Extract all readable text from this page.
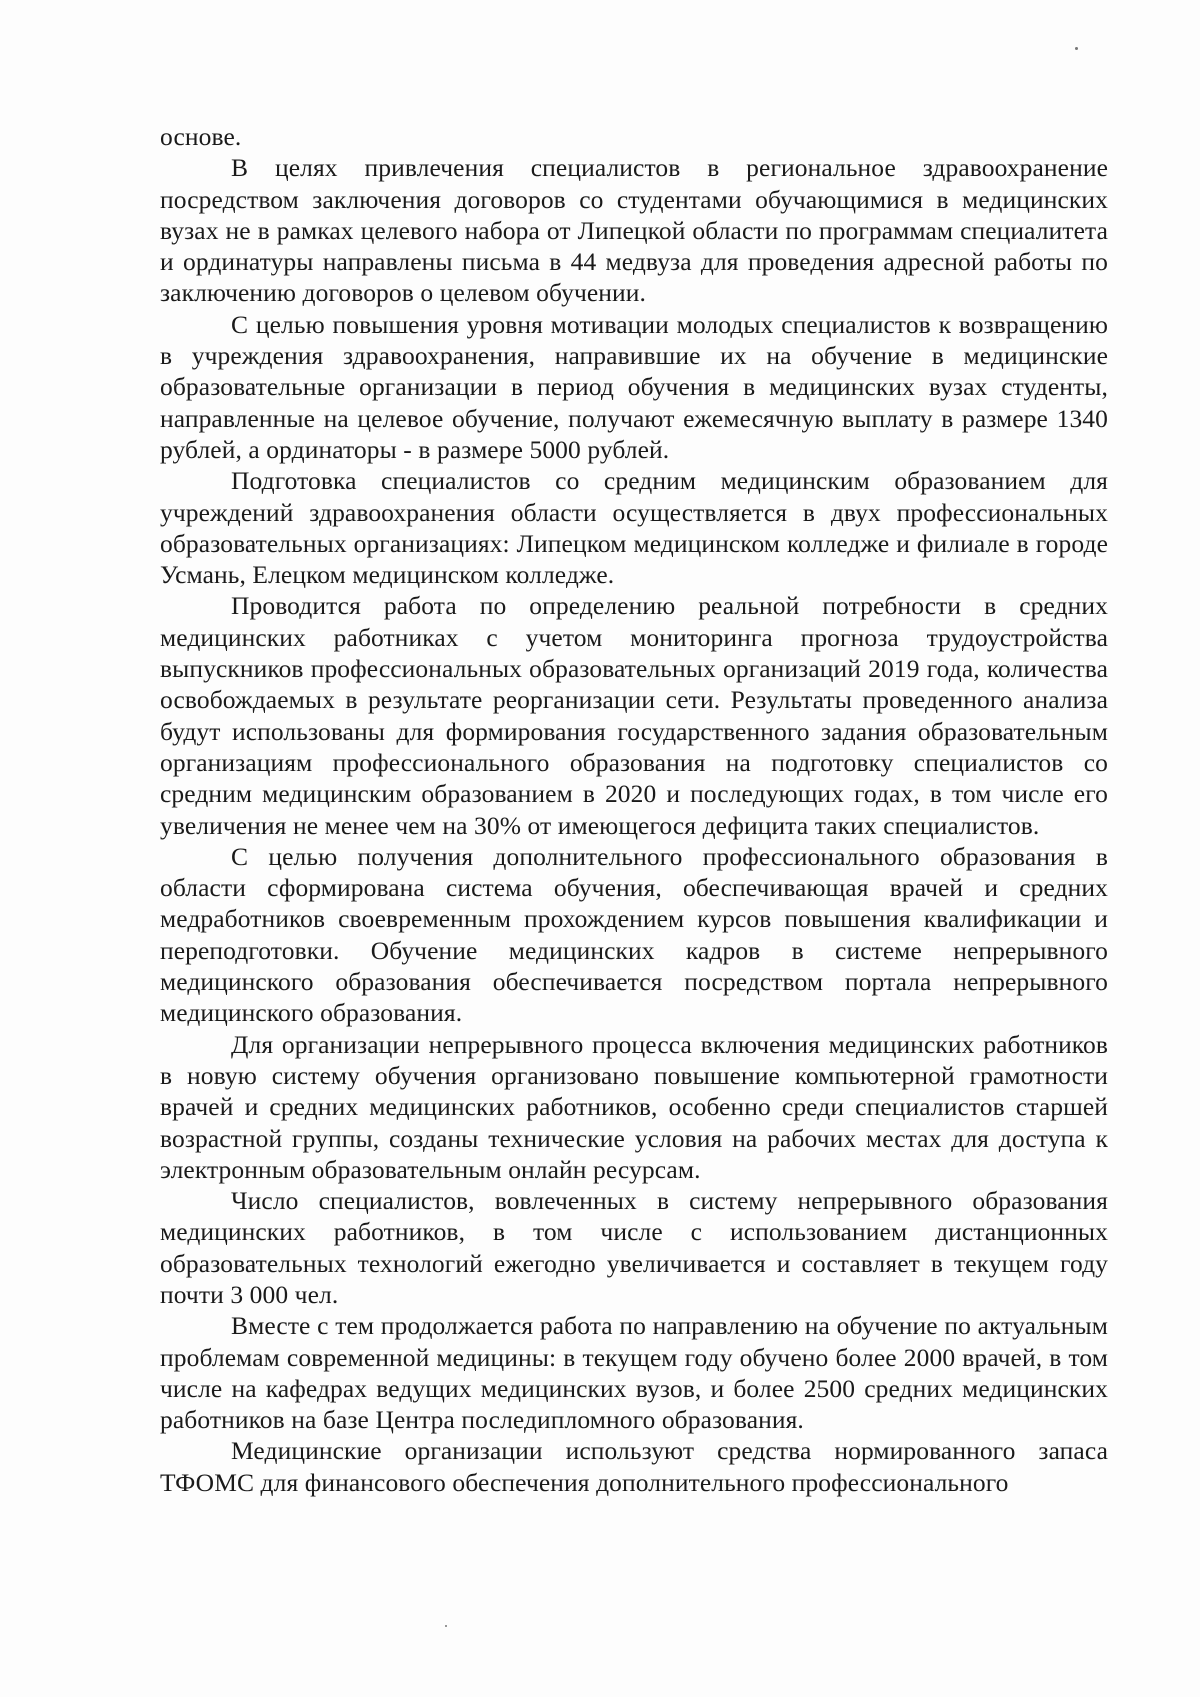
основе.

В целях привлечения специалистов в региональное здравоохранение посредством заключения договоров со студентами обучающимися в медицинских вузах не в рамках целевого набора от Липецкой области по программам специалитета и ординатуры направлены письма в 44 медвуза для проведения адресной работы по заключению договоров о целевом обучении.

С целью повышения уровня мотивации молодых специалистов к возвращению в учреждения здравоохранения, направившие их на обучение в медицинские образовательные организации в период обучения в медицинских вузах студенты, направленные на целевое обучение, получают ежемесячную выплату в размере 1340 рублей, а ординаторы - в размере 5000 рублей.

Подготовка специалистов со средним медицинским образованием для учреждений здравоохранения области осуществляется в двух профессиональных образовательных организациях: Липецком медицинском колледже и филиале в городе Усмань, Елецком медицинском колледже.

Проводится работа по определению реальной потребности в средних медицинских работниках с учетом мониторинга прогноза трудоустройства выпускников профессиональных образовательных организаций 2019 года, количества освобождаемых в результате реорганизации сети. Результаты проведенного анализа будут использованы для формирования государственного задания образовательным организациям профессионального образования на подготовку специалистов со средним медицинским образованием в 2020 и последующих годах, в том числе его увеличения не менее чем на 30% от имеющегося дефицита таких специалистов.

С целью получения дополнительного профессионального образования в области сформирована система обучения, обеспечивающая врачей и средних медработников своевременным прохождением курсов повышения квалификации и переподготовки. Обучение медицинских кадров в системе непрерывного медицинского образования обеспечивается посредством портала непрерывного медицинского образования.

Для организации непрерывного процесса включения медицинских работников в новую систему обучения организовано повышение компьютерной грамотности врачей и средних медицинских работников, особенно среди специалистов старшей возрастной группы, созданы технические условия на рабочих местах для доступа к электронным образовательным онлайн ресурсам.

Число специалистов, вовлеченных в систему непрерывного образования медицинских работников, в том числе с использованием дистанционных образовательных технологий ежегодно увеличивается и составляет в текущем году почти 3 000 чел.

Вместе с тем продолжается работа по направлению на обучение по актуальным проблемам современной медицины: в текущем году обучено более 2000 врачей, в том числе на кафедрах ведущих медицинских вузов, и более 2500 средних медицинских работников на базе Центра последипломного образования.

Медицинские организации используют средства нормированного запаса ТФОМС для финансового обеспечения дополнительного профессионального
